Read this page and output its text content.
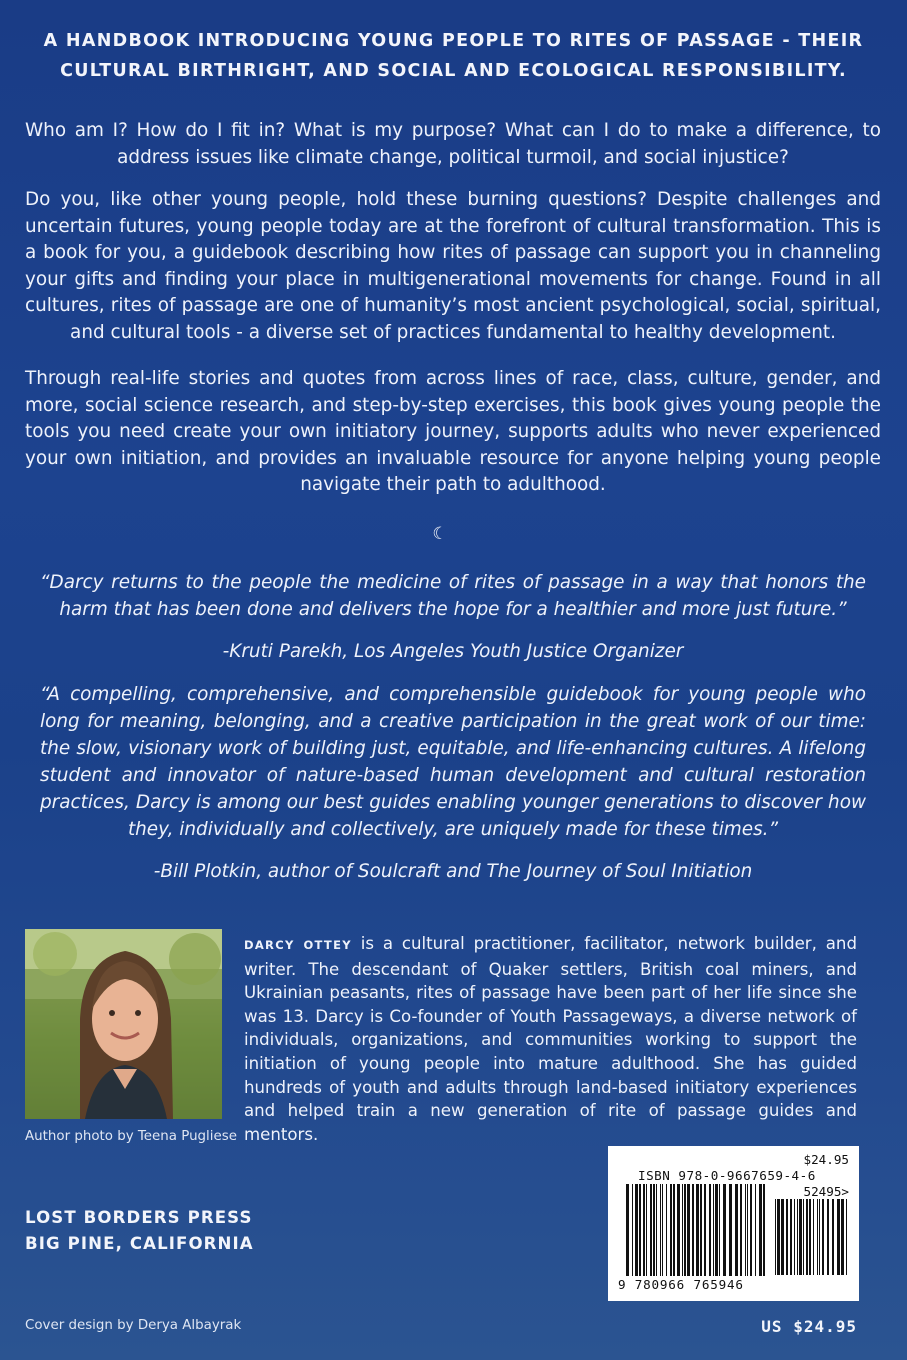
A HANDBOOK INTRODUCING YOUNG PEOPLE TO RITES OF PASSAGE - THEIR CULTURAL BIRTHRIGHT, AND SOCIAL AND ECOLOGICAL RESPONSIBILITY.
Who am I? How do I fit in? What is my purpose? What can I do to make a difference, to address issues like climate change, political turmoil, and social injustice?
Do you, like other young people, hold these burning questions? Despite challenges and uncertain futures, young people today are at the forefront of cultural transformation. This is a book for you, a guidebook describing how rites of passage can support you in channeling your gifts and finding your place in multigenerational movements for change. Found in all cultures, rites of passage are one of humanity’s most ancient psychological, social, spiritual, and cultural tools - a diverse set of practices fundamental to healthy development.
Through real-life stories and quotes from across lines of race, class, culture, gender, and more, social science research, and step-by-step exercises, this book gives young people the tools you need create your own initiatory journey, supports adults who never experienced your own initiation, and provides an invaluable resource for anyone helping young people navigate their path to adulthood.
☾
“Darcy returns to the people the medicine of rites of passage in a way that honors the harm that has been done and delivers the hope for a healthier and more just future.”
-Kruti Parekh, Los Angeles Youth Justice Organizer
“A compelling, comprehensive, and comprehensible guidebook for young people who long for meaning, belonging, and a creative participation in the great work of our time: the slow, visionary work of building just, equitable, and life-enhancing cultures. A lifelong student and innovator of nature-based human development and cultural restoration practices, Darcy is among our best guides enabling younger generations to discover how they, individually and collectively, are uniquely made for these times.”
-Bill Plotkin, author of Soulcraft and The Journey of Soul Initiation
Author photo by Teena Pugliese
DARCY OTTEY is a cultural practitioner, facilitator, network builder, and writer. The descendant of Quaker settlers, British coal miners, and Ukrainian peasants, rites of passage have been part of her life since she was 13. Darcy is Co-founder of Youth Passageways, a diverse network of individuals, organizations, and communities working to support the initiation of young people into mature adulthood. She has guided hundreds of youth and adults through land-based initiatory experiences and helped train a new generation of rite of passage guides and mentors.
LOST BORDERS PRESS
BIG PINE, CALIFORNIA
Cover design by Derya Albayrak
$24.95
ISBN 978-0-9667659-4-6
52495>
9 780966 765946
US $24.95
